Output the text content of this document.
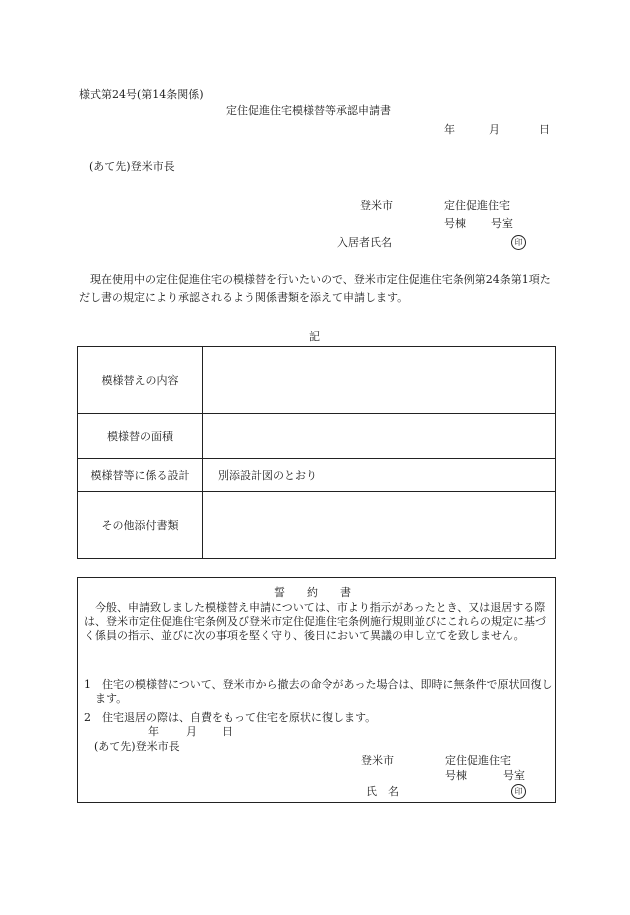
様式第24号(第14条関係)
定住促進住宅模様替等承認申請書
年	月	日
(あて先)登米市長
登米市	定住促進住宅
号棟 号室
入居者氏名	印
現在使用中の定住促進住宅の模様替を行いたいので、登米市定住促進住宅条例第24条第1項ただし書の規定により承認されるよう関係書類を添えて申請します。
記
模様替えの内容	
模様替の面積	
模様替等に係る設計	別添設計図のとおり
その他添付書類	
誓　　約　　書
今般、申請致しました模様替え申請については、市より指示があったとき、又は退居する際は、登米市定住促進住宅条例及び登米市定住促進住宅条例施行規則並びにこれらの規定に基づく係員の指示、並びに次の事項を堅く守り、後日において異議の申し立てを致しません。
1　住宅の模様替について、登米市から撤去の命令があった場合は、即時に無条件で原状回復します。
2　住宅退居の際は、自費をもって住宅を原状に復します。
年 月 日
(あて先)登米市長
登米市	定住促進住宅
号棟	号室
氏　名	印
